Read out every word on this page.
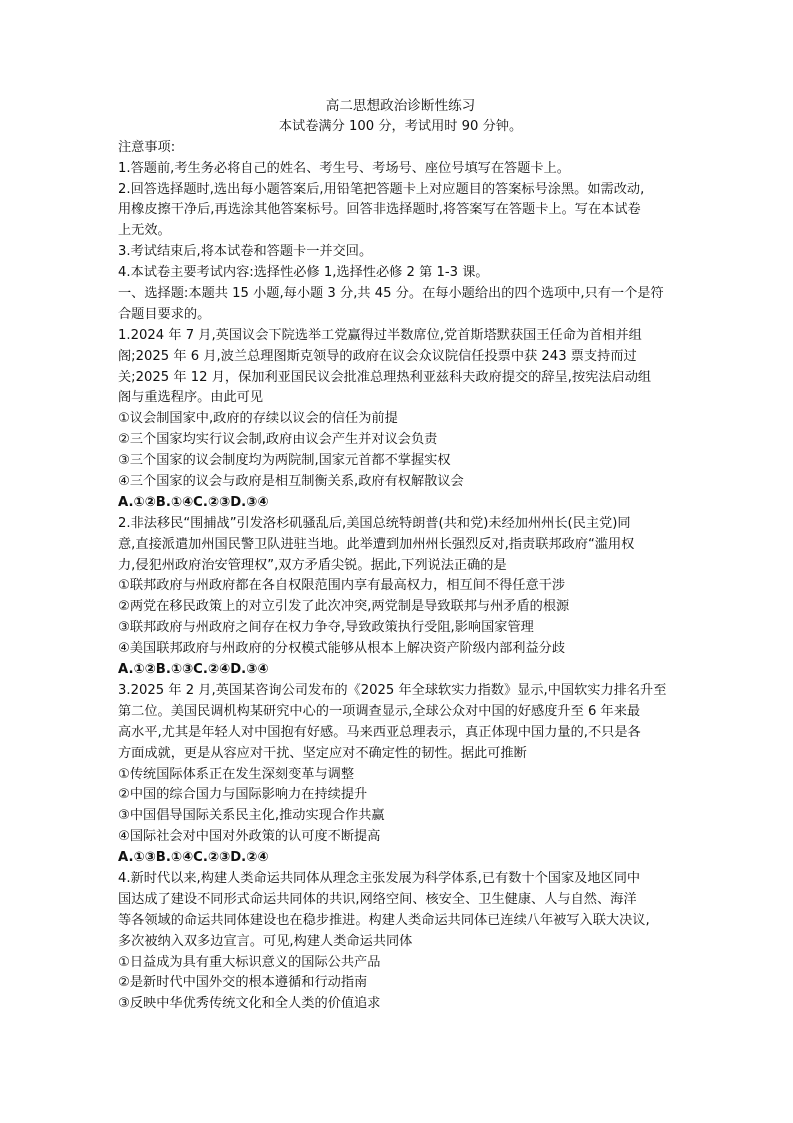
高二思想政治诊断性练习
本试卷满分 100 分，考试用时 90 分钟。
注意事项:
1.答题前,考生务必将自己的姓名、考生号、考场号、座位号填写在答题卡上。
2.回答选择题时,选出每小题答案后,用铅笔把答题卡上对应题目的答案标号涂黑。如需改动,
用橡皮擦干净后,再选涂其他答案标号。回答非选择题时,将答案写在答题卡上。写在本试卷
上无效。
3.考试结束后,将本试卷和答题卡一并交回。
4.本试卷主要考试内容:选择性必修 1,选择性必修 2 第 1-3 课。
一、选择题:本题共 15 小题,每小题 3 分,共 45 分。在每小题给出的四个选项中,只有一个是符
合题目要求的。
1.2024 年 7 月,英国议会下院选举工党赢得过半数席位,党首斯塔默获国王任命为首相并组
阁;2025 年 6 月,波兰总理图斯克领导的政府在议会众议院信任投票中获 243 票支持而过
关;2025 年 12 月，保加利亚国民议会批准总理热利亚兹科夫政府提交的辞呈,按宪法启动组
阁与重选程序。由此可见
①议会制国家中,政府的存续以议会的信任为前提
②三个国家均实行议会制,政府由议会产生并对议会负责
③三个国家的议会制度均为两院制,国家元首都不掌握实权
④三个国家的议会与政府是相互制衡关系,政府有权解散议会
A.①②B.①④C.②③D.③④
2.非法移民“围捕战”引发洛杉矶骚乱后,美国总统特朗普(共和党)未经加州州长(民主党)同
意,直接派遣加州国民警卫队进驻当地。此举遭到加州州长强烈反对,指责联邦政府“滥用权
力,侵犯州政府治安管理权”,双方矛盾尖锐。据此,下列说法正确的是
①联邦政府与州政府都在各自权限范围内享有最高权力，相互间不得任意干涉
②两党在移民政策上的对立引发了此次冲突,两党制是导致联邦与州矛盾的根源
③联邦政府与州政府之间存在权力争夺,导致政策执行受阻,影响国家管理
④美国联邦政府与州政府的分权模式能够从根本上解决资产阶级内部利益分歧
A.①②B.①③C.②④D.③④
3.2025 年 2 月,英国某咨询公司发布的《2025 年全球软实力指数》显示,中国软实力排名升至
第二位。美国民调机构某研究中心的一项调查显示,全球公众对中国的好感度升至 6 年来最
高水平,尤其是年轻人对中国抱有好感。马来西亚总理表示，真正体现中国力量的,不只是各
方面成就，更是从容应对干扰、坚定应对不确定性的韧性。据此可推断
①传统国际体系正在发生深刻变革与调整
②中国的综合国力与国际影响力在持续提升
③中国倡导国际关系民主化,推动实现合作共赢
④国际社会对中国对外政策的认可度不断提高
A.①③B.①④C.②③D.②④
4.新时代以来,构建人类命运共同体从理念主张发展为科学体系,已有数十个国家及地区同中
国达成了建设不同形式命运共同体的共识,网络空间、核安全、卫生健康、人与自然、海洋
等各领域的命运共同体建设也在稳步推进。构建人类命运共同体已连续八年被写入联大决议,
多次被纳入双多边宣言。可见,构建人类命运共同体
①日益成为具有重大标识意义的国际公共产品
②是新时代中国外交的根本遵循和行动指南
③反映中华优秀传统文化和全人类的价值追求
